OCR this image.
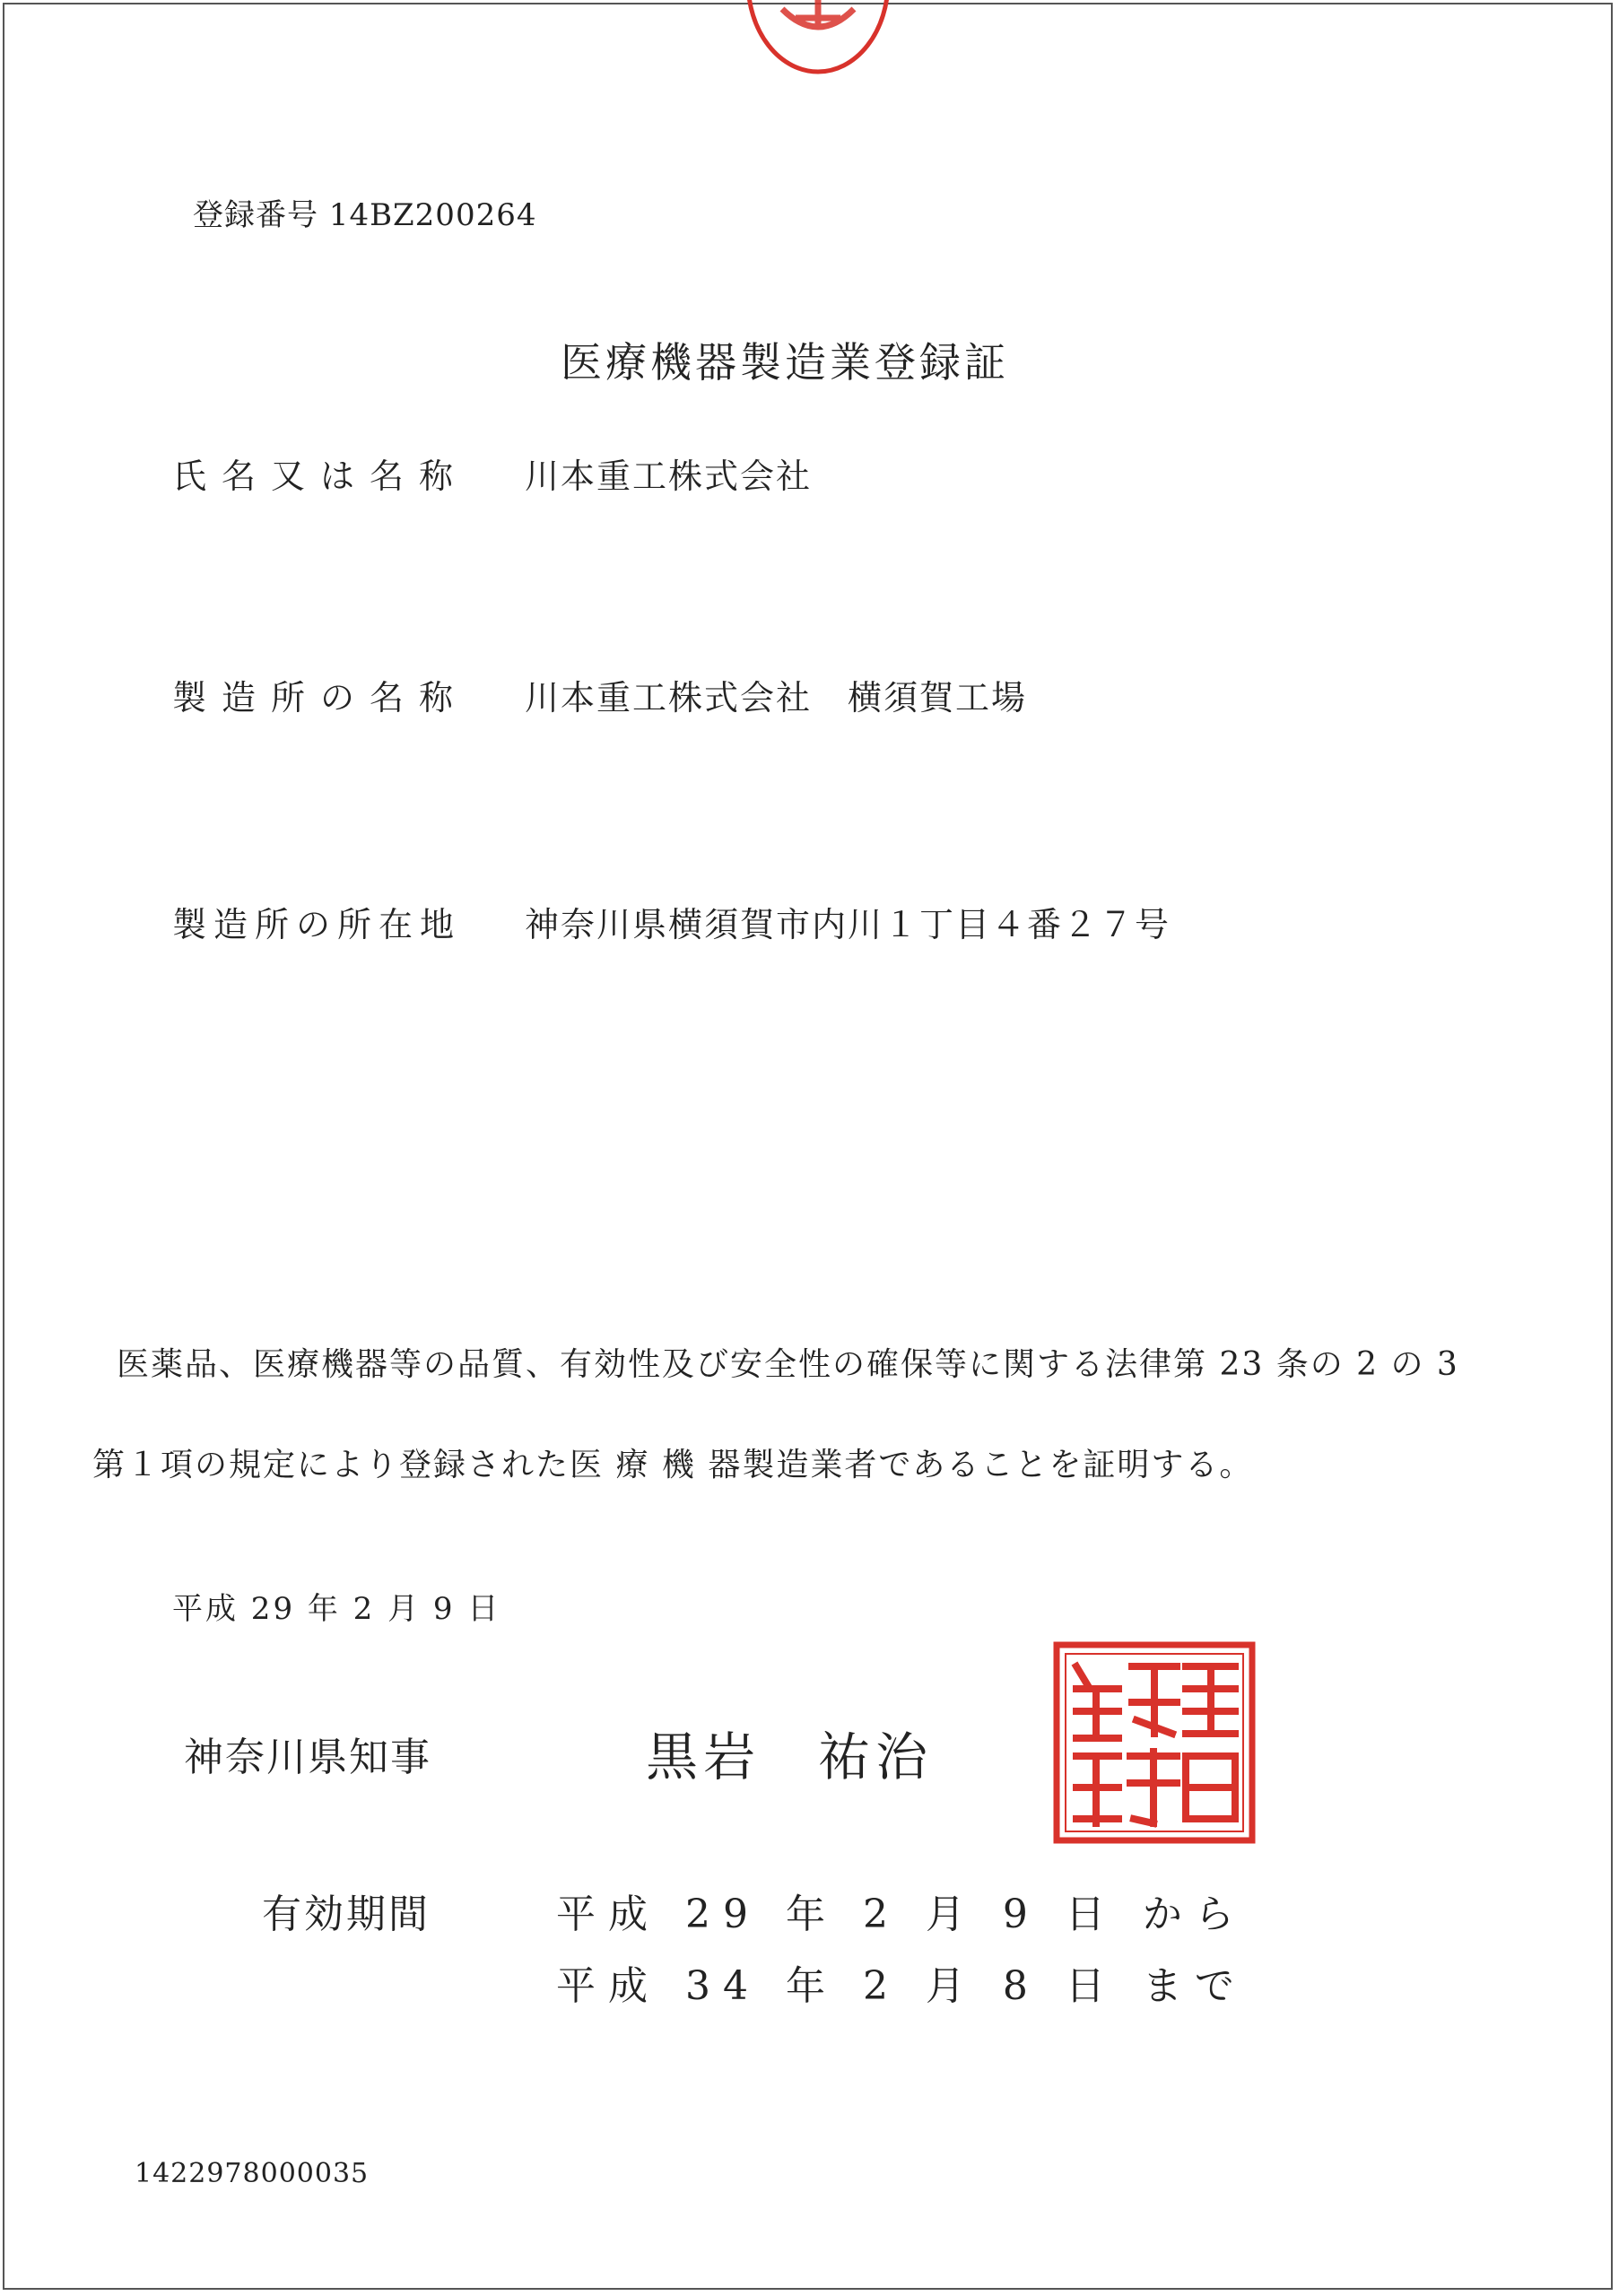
登録番号 14BZ200264
医療機器製造業登録証
氏名又は名称 川本重工株式会社
製造所の名称 川本重工株式会社　横須賀工場
製造所の所在地 神奈川県横須賀市内川１丁目４番２７号
医薬品、医療機器等の品質、有効性及び安全性の確保等に関する法律第 23 条の 2 の 3
第１項の規定により登録された医 療 機 器製造業者であることを証明する。
平成 29 年 2 月 9 日
神奈川県知事	黒岩　祐治
有効期間	平成 29 年 2 月 9 日 から
平成 34 年 2 月 8 日 まで
1422978000035
